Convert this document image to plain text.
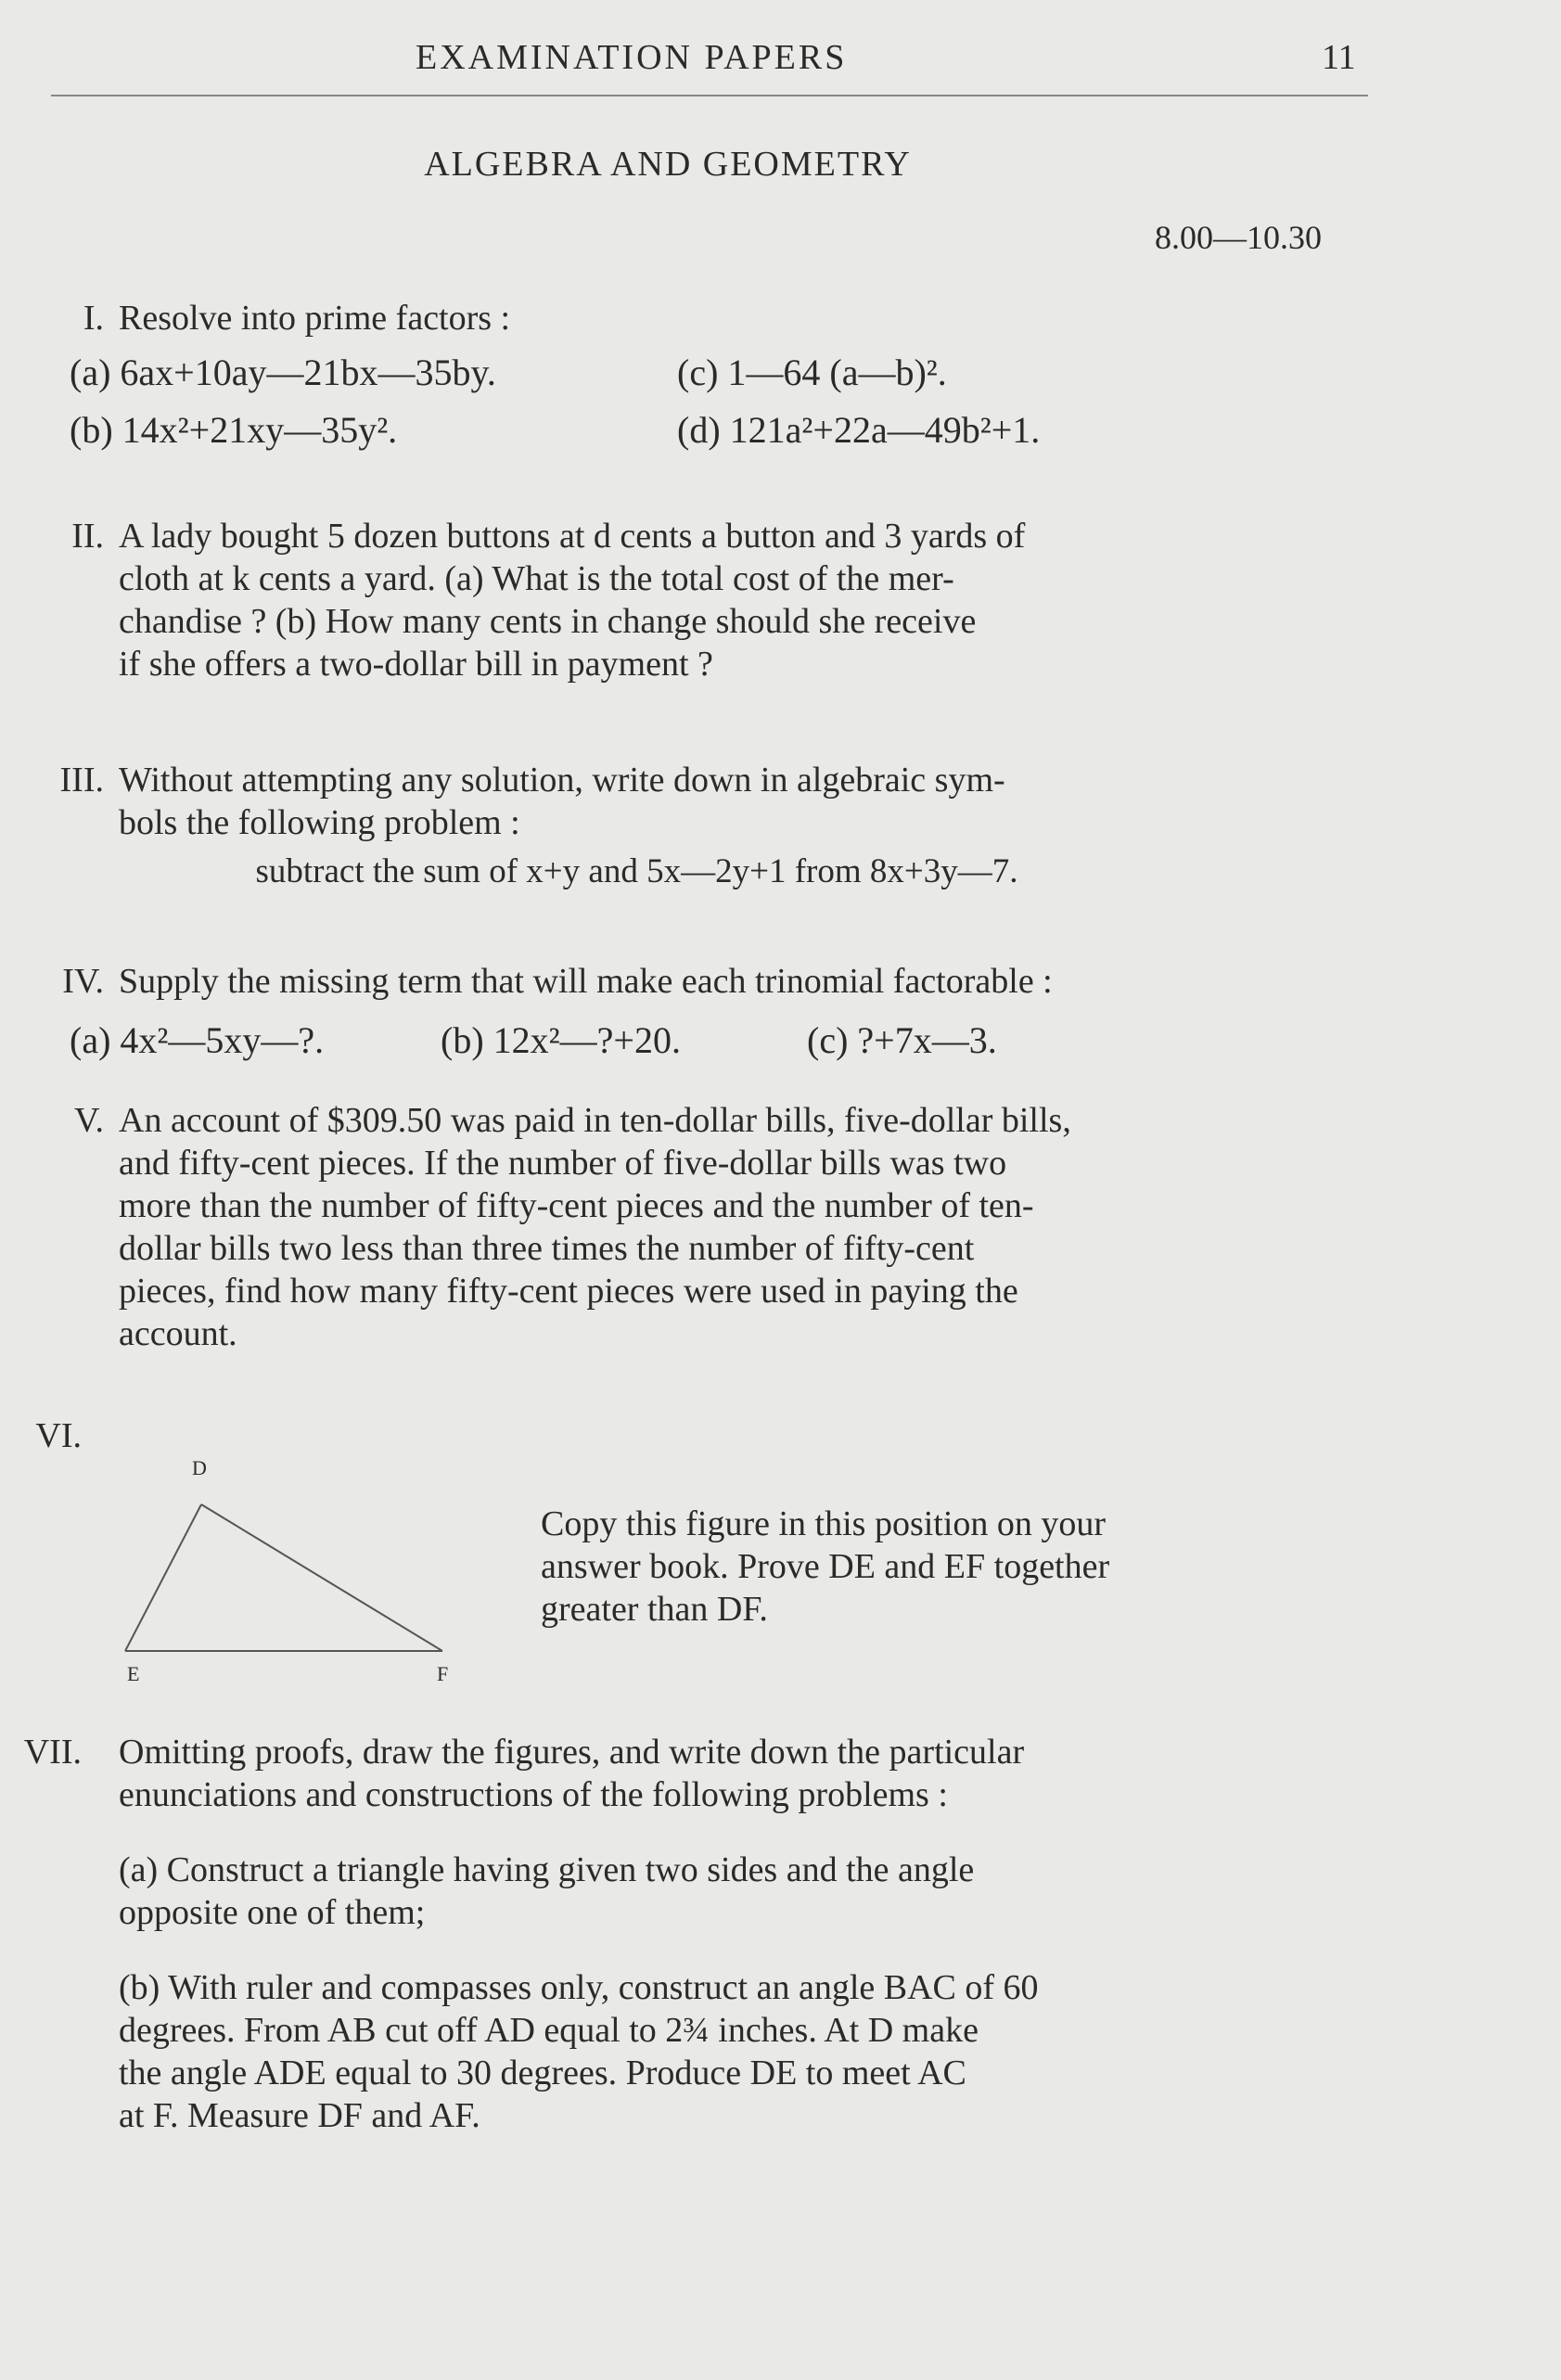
EXAMINATION PAPERS	11
ALGEBRA AND GEOMETRY
8.00—10.30
I. Resolve into prime factors :
(a) 6ax+10ay—21bx—35by.	(c) 1—64 (a—b)².
(b) 14x²+21xy—35y².	(d) 121a²+22a—49b²+1.
II. A lady bought 5 dozen buttons at d cents a button and 3 yards of
cloth at k cents a yard. (a) What is the total cost of the mer-
chandise ? (b) How many cents in change should she receive
if she offers a two-dollar bill in payment ?
III. Without attempting any solution, write down in algebraic sym-
bols the following problem :
subtract the sum of x+y and 5x—2y+1 from 8x+3y—7.
IV. Supply the missing term that will make each trinomial factorable :
(a) 4x²—5xy—?.	(b) 12x²—?+20.	(c) ?+7x—3.
V. An account of $309.50 was paid in ten-dollar bills, five-dollar bills,
and fifty-cent pieces. If the number of five-dollar bills was two
more than the number of fifty-cent pieces and the number of ten-
dollar bills two less than three times the number of fifty-cent
pieces, find how many fifty-cent pieces were used in paying the
account.
VI.
D
E	F
Copy this figure in this position on your
answer book. Prove DE and EF together
greater than DF.
VII. Omitting proofs, draw the figures, and write down the particular
enunciations and constructions of the following problems :
(a) Construct a triangle having given two sides and the angle
opposite one of them;
(b) With ruler and compasses only, construct an angle BAC of 60
degrees. From AB cut off AD equal to 2¾ inches. At D make
the angle ADE equal to 30 degrees. Produce DE to meet AC
at F. Measure DF and AF.
